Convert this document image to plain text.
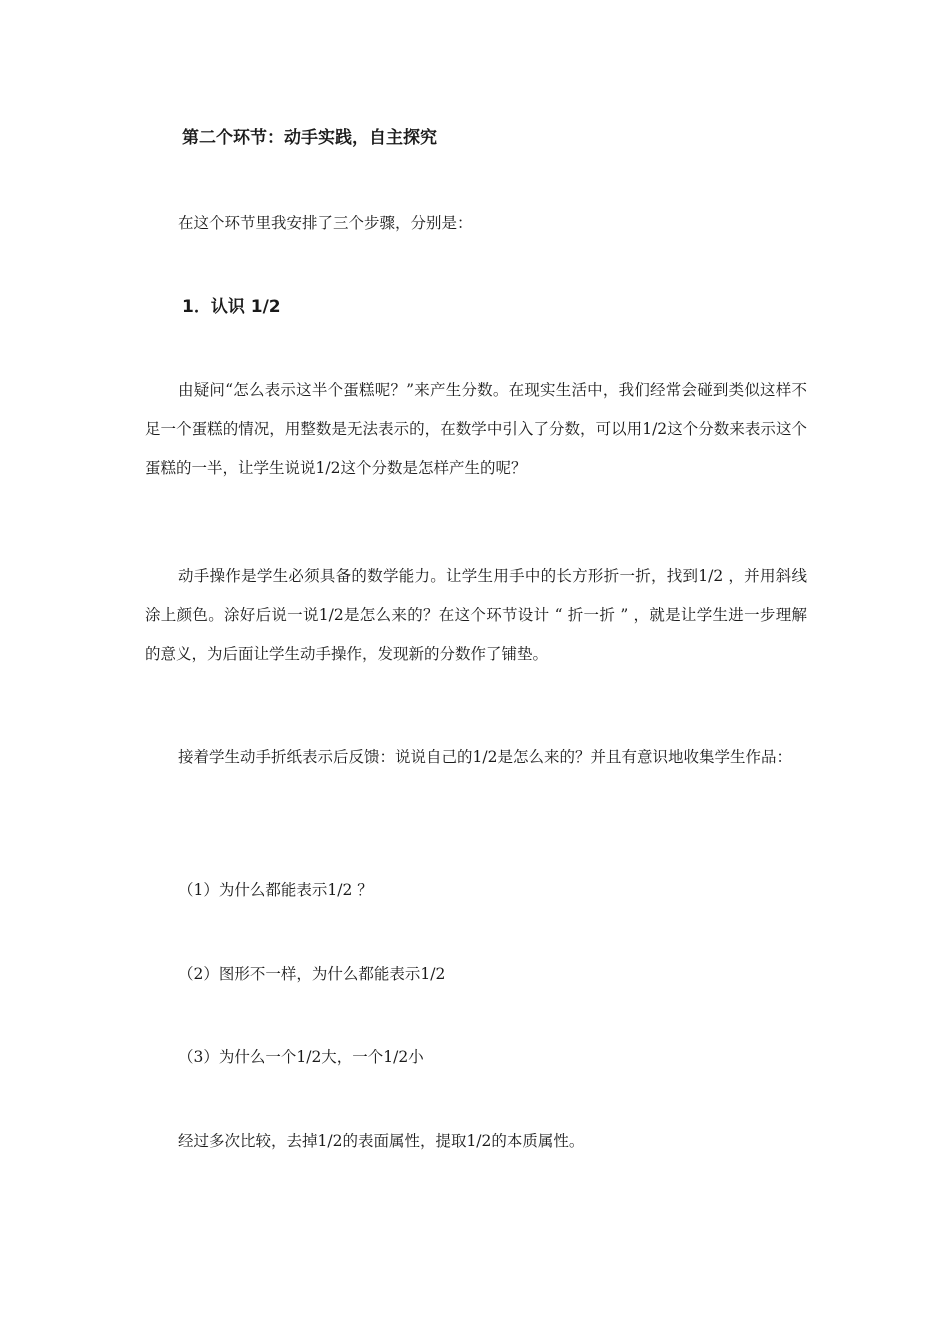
第二个环节：动手实践，自主探究
在这个环节里我安排了三个步骤，分别是：
1．认识 1/2
由疑问“怎么表示这半个蛋糕呢？”来产生分数。在现实生活中，我们经常会碰到类似这样不足一个蛋糕的情况，用整数是无法表示的，在数学中引入了分数，可以用1/2这个分数来表示这个蛋糕的一半，让学生说说1/2这个分数是怎样产生的呢？
动手操作是学生必须具备的数学能力。让学生用手中的长方形折一折，找到1/2 ，并用斜线涂上颜色。涂好后说一说1/2是怎么来的？在这个环节设计 “ 折一折 ” ，就是让学生进一步理解 的意义，为后面让学生动手操作，发现新的分数作了铺垫。
接着学生动手折纸表示后反馈：说说自己的1/2是怎么来的？并且有意识地收集学生作品：
（1）为什么都能表示1/2 ？
（2）图形不一样，为什么都能表示1/2
（3）为什么一个1/2大，一个1/2小
经过多次比较，去掉1/2的表面属性，提取1/2的本质属性。
